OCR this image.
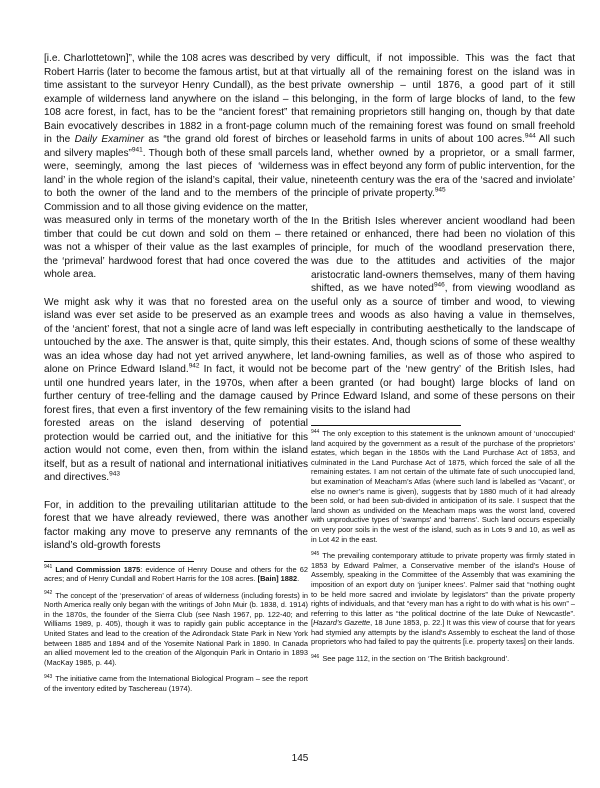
[i.e. Charlottetown]”, while the 108 acres was described by Robert Harris (later to become the famous artist, but at that time assistant to the surveyor Henry Cundall), as the best example of wilderness land anywhere on the island – this 108 acre forest, in fact, has to be the “ancient forest” that Bain evocatively describes in 1882 in a front-page column in the Daily Examiner as “the grand old forest of birches and silvery maples”$^{941}$. Though both of these small parcels were, seemingly, among the last pieces of ‘wilderness land’ in the whole region of the island’s capital, their value, to both the owner of the land and to the members of the Commission and to all those giving evidence on the matter, was measured only in terms of the monetary worth of the timber that could be cut down and sold on them – there was not a whisper of their value as the last examples of the ‘primeval’ hardwood forest that had once covered the whole area.

We might ask why it was that no forested area on the island was ever set aside to be preserved as an example of the ‘ancient’ forest, that not a single acre of land was left untouched by the axe. The answer is that, quite simply, this was an idea whose day had not yet arrived anywhere, let alone on Prince Edward Island.$^{942}$ In fact, it would not be until one hundred years later, in the 1970s, when after a further century of tree-felling and the damage caused by forest fires, that even a first inventory of the few remaining forested areas on the island deserving of potential protection would be carried out, and the initiative for this action would not come, even then, from within the island itself, but as a result of national and international initiatives and directives.$^{943}$

For, in addition to the prevailing utilitarian attitude to the forest that we have already reviewed, there was another factor making any move to preserve any remnants of the island’s old-growth forests

$^{941}$ Land Commission 1875: evidence of Henry Douse and others for the 62 acres; and of Henry Cundall and Robert Harris for the 108 acres. [Bain] 1882.

$^{942}$ The concept of the ‘preservation’ of areas of wilderness (including forests) in North America really only began with the writings of John Muir (b. 1838, d. 1914) in the 1870s, the founder of the Sierra Club (see Nash 1967, pp. 122-40; and Williams 1989, p. 405), though it was to rapidly gain public acceptance in the United States and lead to the creation of the Adirondack State Park in New York between 1885 and 1894 and of the Yosemite National Park in 1890. In Canada an allied movement led to the creation of the Algonquin Park in Ontario in 1893 (MacKay 1985, p. 44).

$^{943}$ The initiative came from the International Biological Program – see the report of the inventory edited by Taschereau (1974).

very difficult, if not impossible. This was the fact that virtually all of the remaining forest on the island was in private ownership – until 1876, a good part of it still belonging, in the form of large blocks of land, to the few remaining proprietors still hanging on, though by that date much of the remaining forest was found on small freehold or leasehold farms in units of about 100 acres.$^{944}$ All such land, whether owned by a proprietor, or a small farmer, was in effect beyond any form of public intervention, for the nineteenth century was the era of the ‘sacred and inviolate’ principle of private property.$^{945}$

In the British Isles wherever ancient woodland had been retained or enhanced, there had been no violation of this principle, for much of the woodland preservation there, was due to the attitudes and activities of the major aristocratic land-owners themselves, many of them having shifted, as we have noted$^{946}$, from viewing woodland as useful only as a source of timber and wood, to viewing trees and woods as also having a value in themselves, especially in contributing aesthetically to the landscape of their estates. And, though scions of some of these wealthy land-owning families, as well as of those who aspired to become part of the ‘new gentry’ of the British Isles, had been granted (or had bought) large blocks of land on Prince Edward Island, and some of these persons on their visits to the island had

$^{944}$ The only exception to this statement is the unknown amount of ‘unoccupied’ land acquired by the government as a result of the purchase of the proprietors’ estates, which began in the 1850s with the Land Purchase Act of 1853, and culminated in the Land Purchase Act of 1875, which forced the sale of all the remaining estates. I am not certain of the ultimate fate of such unoccupied land, but examination of Meacham’s Atlas (where such land is labelled as ‘Vacant’, or else no owner’s name is given), suggests that by 1880 much of it had already been sold, or had been sub-divided in anticipation of its sale. I suspect that the land shown as undivided on the Meacham maps was the worst land, covered with unproductive types of ‘swamps’ and ‘barrens’. Such land occurs especially on very poor soils in the west of the island, such as in Lots 9 and 10, as well as in Lot 42 in the east.

$^{945}$ The prevailing contemporary attitude to private property was firmly stated in 1853 by Edward Palmer, a Conservative member of the island’s House of Assembly, speaking in the Committee of the Assembly that was examining the imposition of an export duty on ‘juniper knees’. Palmer said that “nothing ought to be held more sacred and inviolate by legislators” than the private property rights of individuals, and that “every man has a right to do with what is his own” – referring to this latter as “the political doctrine of the late Duke of Newcastle”. [Hazard’s Gazette, 18 June 1853, p. 22.] It was this view of course that for years had stymied any attempts by the island’s Assembly to escheat the land of those proprietors who had failed to pay the quitrents [i.e. property taxes] on their lands.

$^{946}$ See page 112, in the section on ‘The British background’.

145
